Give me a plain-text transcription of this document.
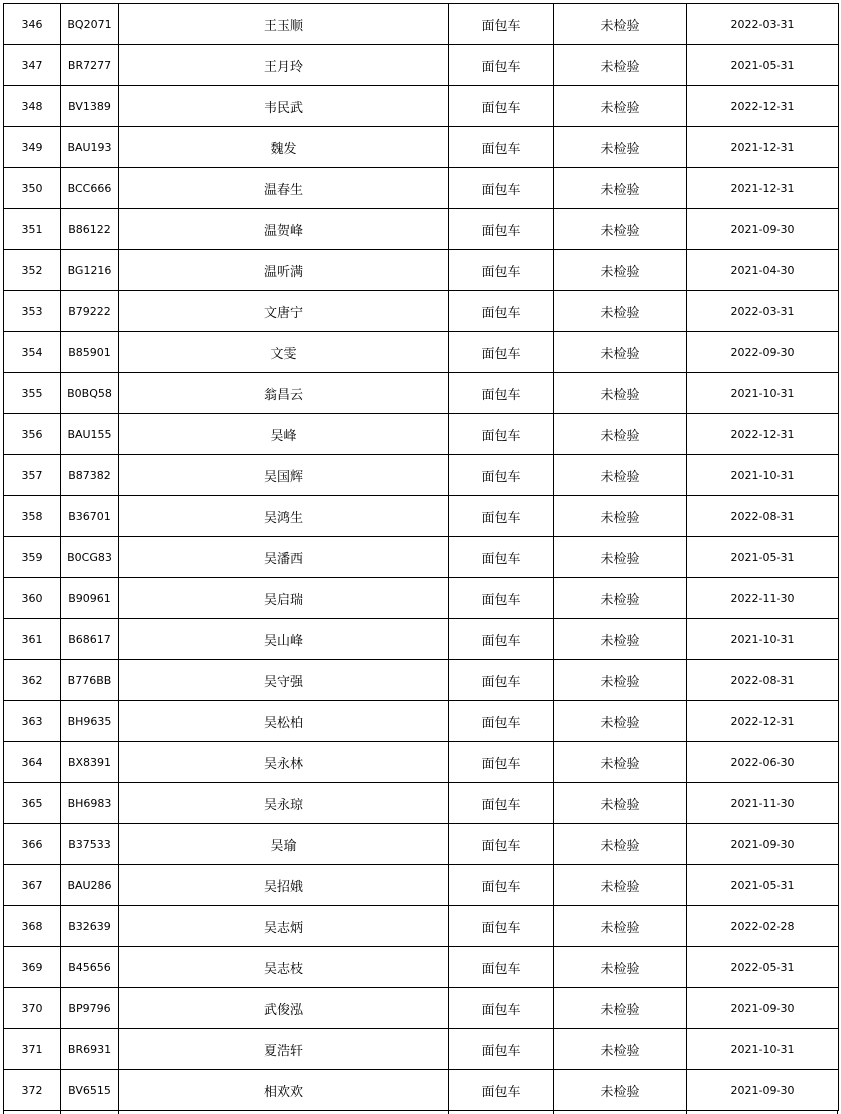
346	BQ2071	王玉顺	面包车	未检验	2022-03-31
347	BR7277	王月玲	面包车	未检验	2021-05-31
348	BV1389	韦民武	面包车	未检验	2022-12-31
349	BAU193	魏发	面包车	未检验	2021-12-31
350	BCC666	温春生	面包车	未检验	2021-12-31
351	B86122	温贺峰	面包车	未检验	2021-09-30
352	BG1216	温听满	面包车	未检验	2021-04-30
353	B79222	文唐宁	面包车	未检验	2022-03-31
354	B85901	文雯	面包车	未检验	2022-09-30
355	B0BQ58	翁昌云	面包车	未检验	2021-10-31
356	BAU155	吴峰	面包车	未检验	2022-12-31
357	B87382	吴国辉	面包车	未检验	2021-10-31
358	B36701	吴鸿生	面包车	未检验	2022-08-31
359	B0CG83	吴潘西	面包车	未检验	2021-05-31
360	B90961	吴启瑞	面包车	未检验	2022-11-30
361	B68617	吴山峰	面包车	未检验	2021-10-31
362	B776BB	吴守强	面包车	未检验	2022-08-31
363	BH9635	吴松柏	面包车	未检验	2022-12-31
364	BX8391	吴永林	面包车	未检验	2022-06-30
365	BH6983	吴永琼	面包车	未检验	2021-11-30
366	B37533	吴瑜	面包车	未检验	2021-09-30
367	BAU286	吴招娥	面包车	未检验	2021-05-31
368	B32639	吴志炳	面包车	未检验	2022-02-28
369	B45656	吴志枝	面包车	未检验	2022-05-31
370	BP9796	武俊泓	面包车	未检验	2021-09-30
371	BR6931	夏浩轩	面包车	未检验	2021-10-31
372	BV6515	相欢欢	面包车	未检验	2021-09-30
